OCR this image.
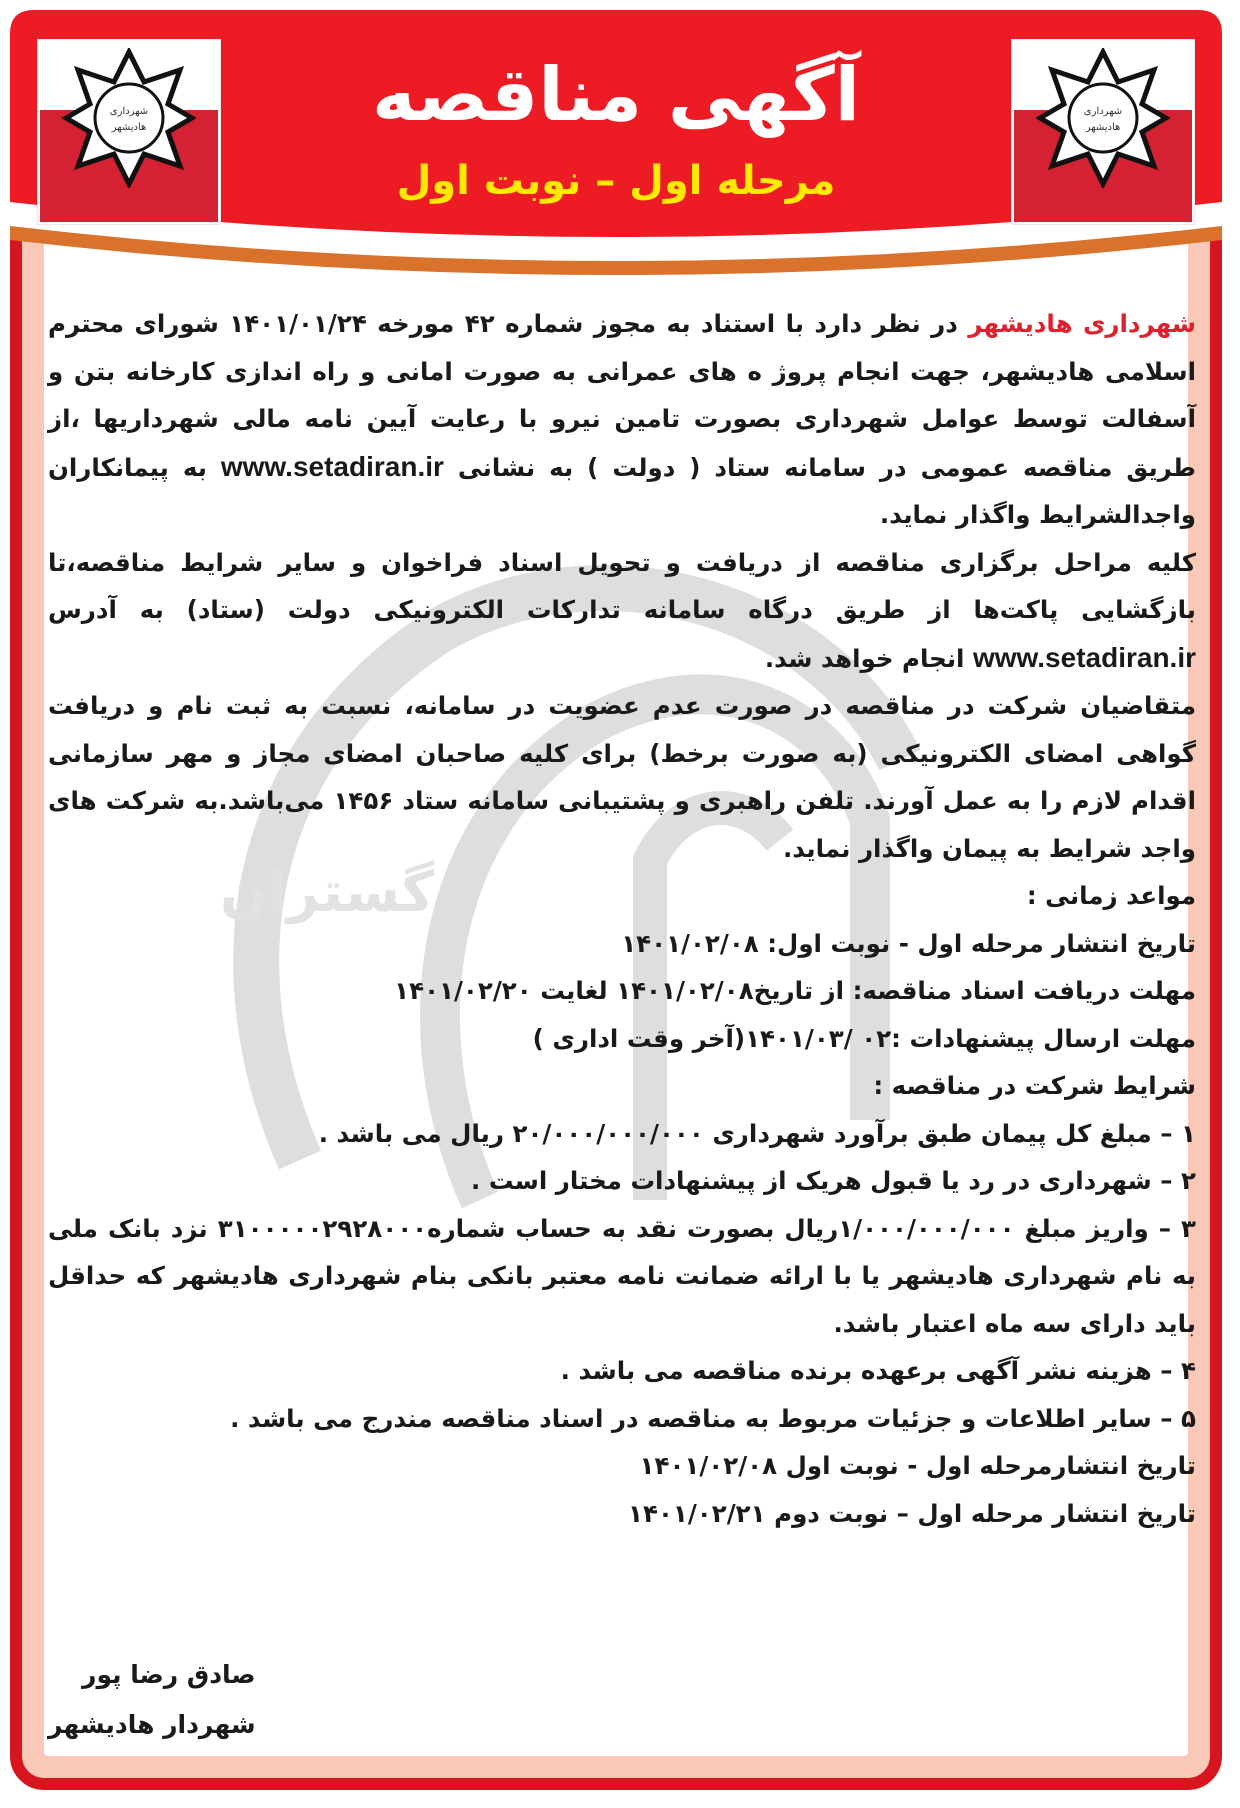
گستران
شهرداری
هادیشهر
شهرداری
هادیشهر
آگهی مناقصه
مرحله اول – نوبت اول

شهرداری هادیشهر در نظر دارد با استناد به مجوز شماره ۴۲ مورخه ۱۴۰۱/۰۱/۲۴ شورای محترم اسلامی هادیشهر، جهت انجام پروژ ه های عمرانی به صورت امانی و راه اندازی کارخانه بتن و آسفالت توسط عوامل شهرداری بصورت تامین نیرو با رعایت آیین نامه مالی شهرداریها ،از طریق مناقصه عمومی در سامانه ستاد ( دولت ) به نشانی www.setadiran.ir به پیمانکاران واجدالشرایط واگذار نماید.

کلیه مراحل برگزاری مناقصه از دریافت و تحویل اسناد فراخوان و سایر شرایط مناقصه،تا بازگشایی پاکت‌ها از طریق درگاه سامانه تدارکات الکترونیکی دولت (ستاد) به آدرس www.setadiran.ir انجام خواهد شد.

متقاضیان شرکت در مناقصه در صورت عدم عضویت در سامانه، نسبت به ثبت نام و دریافت گواهی امضای الکترونیکی (به صورت برخط) برای کلیه صاحبان امضای مجاز و مهر سازمانی اقدام لازم را به عمل آورند. تلفن راهبری و پشتیبانی سامانه ستاد ۱۴۵۶ می‌باشد.به شرکت های واجد شرایط به پیمان واگذار نماید.

مواعد زمانی :

تاریخ انتشار مرحله اول - نوبت اول: ۱۴۰۱/۰۲/۰۸

مهلت دریافت اسناد مناقصه: از تاریخ۱۴۰۱/۰۲/۰۸ لغایت ۱۴۰۱/۰۲/۲۰

مهلت ارسال پیشنهادات :۰۲ /۱۴۰۱/۰۳(آخر وقت اداری )

شرایط شرکت در مناقصه :

۱ – مبلغ کل پیمان طبق برآورد شهرداری ۲۰/۰۰۰/۰۰۰/۰۰۰ ریال می باشد .

۲ – شهرداری در رد یا قبول هریک از پیشنهادات مختار است .

۳ – واریز مبلغ ۱/۰۰۰/۰۰۰/۰۰۰ریال بصورت نقد به حساب شماره۳۱۰۰۰۰۰۲۹۲۸۰۰۰ نزد بانک ملی به نام شهرداری هادیشهر یا با ارائه ضمانت نامه معتبر بانکی بنام شهرداری هادیشهر که حداقل باید دارای سه ماه اعتبار باشد.

۴ – هزینه نشر آگهی برعهده برنده مناقصه می باشد .

۵ – سایر اطلاعات و جزئیات مربوط به مناقصه در اسناد مناقصه مندرج می باشد .

تاریخ انتشارمرحله اول - نوبت اول ۱۴۰۱/۰۲/۰۸

تاریخ انتشار مرحله اول – نوبت دوم ۱۴۰۱/۰۲/۲۱

صادق رضا پور
شهردار هادیشهر
